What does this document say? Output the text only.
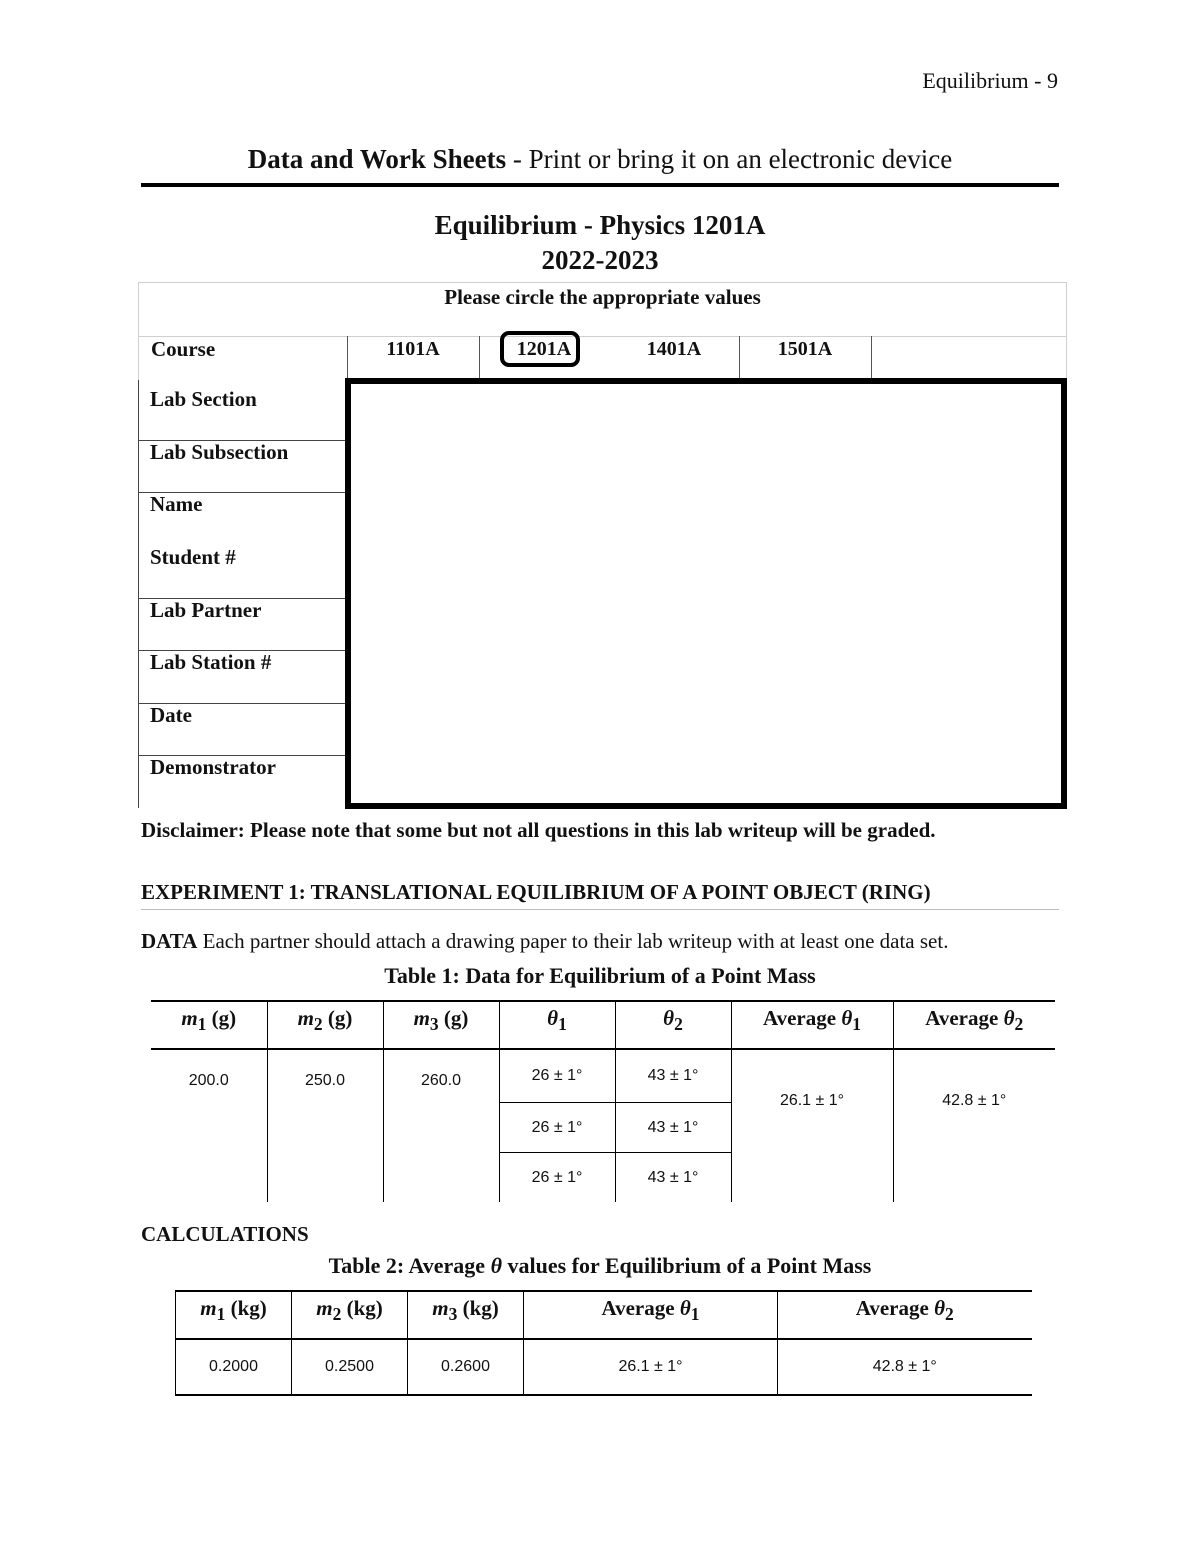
Equilibrium - 9
Data and Work Sheets - Print or bring it on an electronic device
Equilibrium - Physics 1201A
2022-2023
Please circle the appropriate values
Course	1101A	1201A	1401A	1501A
Lab Section
Lab Subsection
Name
Student #
Lab Partner
Lab Station #
Date
Demonstrator
Disclaimer: Please note that some but not all questions in this lab writeup will be graded.
EXPERIMENT 1: TRANSLATIONAL EQUILIBRIUM OF A POINT OBJECT (RING)
DATA Each partner should attach a drawing paper to their lab writeup with at least one data set.
Table 1: Data for Equilibrium of a Point Mass
$m_1$ (g)	$m_2$ (g)	$m_3$ (g)	$\theta_1$	$\theta_2$	Average $\theta_1$	Average $\theta_2$
200.0	250.0	260.0	26 ± 1°	43 ± 1°	26.1 ± 1°	42.8 ± 1°
			26 ± 1°	43 ± 1°		
			26 ± 1°	43 ± 1°		
CALCULATIONS
Table 2: Average θ values for Equilibrium of a Point Mass
$m_1$ (kg)	$m_2$ (kg)	$m_3$ (kg)	Average $\theta_1$	Average $\theta_2$
0.2000	0.2500	0.2600	26.1 ± 1°	42.8 ± 1°
